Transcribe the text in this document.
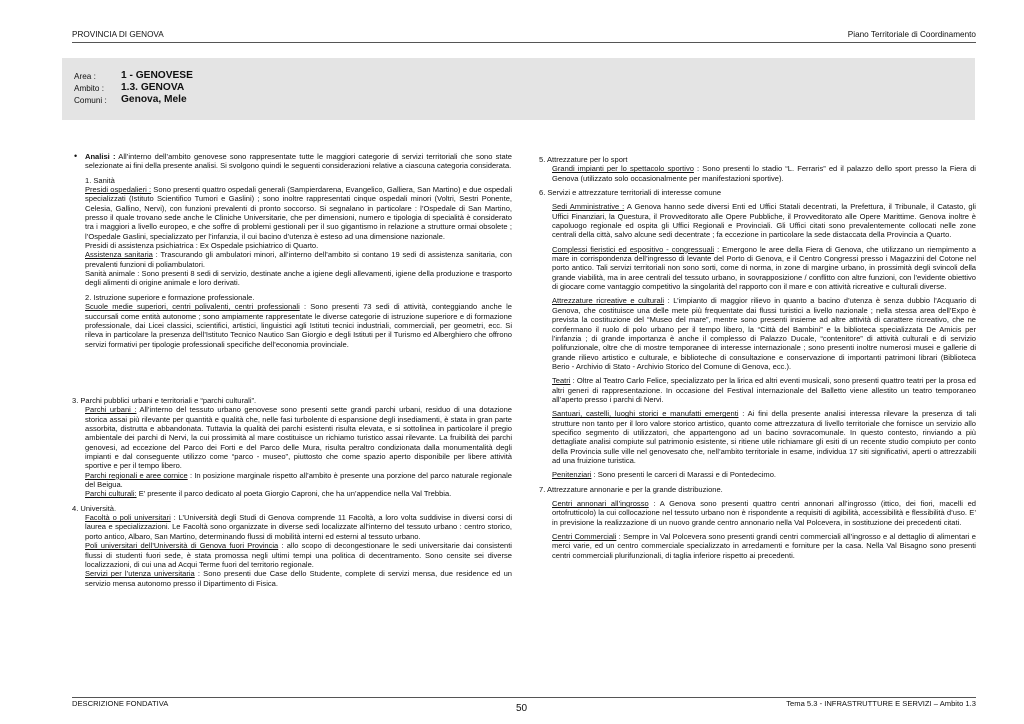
PROVINCIA DI GENOVA	Piano Territoriale di Coordinamento
Area : 1 - GENOVESE
Ambito : 1.3. GENOVA
Comuni : Genova, Mele
• Analisi : All’interno dell’ambito genovese sono rappresentate tutte le maggiori categorie di servizi territoriali che sono state selezionate ai fini della presente analisi. Si svolgono quindi le seguenti considerazioni relative a ciascuna categoria considerata.

1. Sanità

Presidi ospedalieri : Sono presenti quattro ospedali generali (Sampierdarena, Evangelico, Galliera, San Martino) e due ospedali specializzati (Istituto Scientifico Tumori e Gaslini) ; sono inoltre rappresentati cinque ospedali minori (Voltri, Sestri Ponente, Celesia, Gallino, Nervi), con funzioni prevalenti di pronto soccorso. Si segnalano in particolare : l’Ospedale di San Martino, presso il quale trovano sede anche le Cliniche Universitarie, che per dimensioni, numero e tipologia di specialità è considerato tra i maggiori a livello europeo, e che soffre di problemi gestionali per il suo gigantismo in relazione a strutture ormai obsolete ; l’Ospedale Gaslini, specializzato per l’infanzia, il cui bacino d’utenza è esteso ad una dimensione nazionale.

Presidi di assistenza psichiatrica : Ex Ospedale psichiatrico di Quarto.

Assistenza sanitaria : Trascurando gli ambulatori minori, all’interno dell’ambito si contano 19 sedi di assistenza sanitaria, con prevalenti funzioni di poliambulatori.

Sanità animale : Sono presenti 8 sedi di servizio, destinate anche a igiene degli allevamenti, igiene della produzione e trasporto degli alimenti di origine animale e loro derivati.

2. Istruzione superiore e formazione professionale.

Scuole medie superiori, centri polivalenti, centri professionali : Sono presenti 73 sedi di attività, conteggiando anche le succursali come entità autonome ; sono ampiamente rappresentate le diverse categorie di istruzione superiore e di formazione professionale, dai Licei classici, scientifici, artistici, linguistici agli Istituti tecnici industriali, commerciali, per geometri, ecc. Si rileva in particolare la presenza dell’Istituto Tecnico Nautico San Giorgio e degli Istituti per il Turismo ed Alberghiero che offrono servizi formativi per tipologie professionali specifiche dell’economia provinciale.

3. Parchi pubblici urbani e territoriali e “parchi culturali”.

Parchi urbani : All’interno del tessuto urbano genovese sono presenti sette grandi parchi urbani, residuo di una dotazione storica assai più rilevante per quantità e qualità che, nelle fasi turbolente di espansione degli insediamenti, è stata in gran parte assorbita, distrutta e abbandonata. Tuttavia la qualità dei parchi esistenti risulta elevata, e si sottolinea in particolare il pregio ambientale dei parchi di Nervi, la cui prossimità al mare costituisce un richiamo turistico assai rilevante. La fruibilità dei parchi genovesi, ad eccezione del Parco dei Forti e del Parco delle Mura, risulta peraltro condizionata dalla monumentalità degli impianti e dal conseguente utilizzo come “parco - museo”, piuttosto che come spazio aperto disponibile per libere attività sportive e per il tempo libero.

Parchi regionali e aree cornice : In posizione marginale rispetto all’ambito è presente una porzione del parco naturale regionale del Beigua.

Parchi culturali: E’ presente il parco dedicato al poeta Giorgio Caproni, che ha un’appendice nella Val Trebbia.

4. Università.

Facoltà o poli universitari : L’Università degli Studi di Genova comprende 11 Facoltà, a loro volta suddivise in diversi corsi di laurea e specializzazioni. Le Facoltà sono organizzate in diverse sedi localizzate all’interno del tessuto urbano : centro storico, porto antico, Albaro, San Martino, determinando flussi di mobilità interni ed esterni al tessuto urbano.

Poli universitari dell’Università di Genova fuori Provincia : allo scopo di decongestionare le sedi universitarie dai consistenti flussi di studenti fuori sede, è stata promossa negli ultimi tempi una politica di decentramento. Sono censite sei diverse localizzazioni, di cui una ad Acqui Terme fuori del territorio regionale.

Servizi per l’utenza universitaria : Sono presenti due Case dello Studente, complete di servizi mensa, due residence ed un servizio mensa autonomo presso il Dipartimento di Fisica.

5. Attrezzature per lo sport

Grandi impianti per lo spettacolo sportivo : Sono presenti lo stadio “L. Ferraris” ed il palazzo dello sport presso la Fiera di Genova (utilizzato solo occasionalmente per manifestazioni sportive).

6. Servizi e attrezzature territoriali di interesse comune

Sedi Amministrative : A Genova hanno sede diversi Enti ed Uffici Statali decentrati, la Prefettura, il Tribunale, il Catasto, gli Uffici Finanziari, la Questura, il Provveditorato alle Opere Pubbliche, il Provveditorato alle Opere Marittime. Genova inoltre è capoluogo regionale ed ospita gli Uffici Regionali e Provinciali. Gli Uffici citati sono prevalentemente collocati nelle zone centrali della città, salvo alcune sedi decentrate ; fa eccezione in particolare la sede distaccata della Provincia a Quarto.

Complessi fieristici ed espositivo - congressuali : Emergono le aree della Fiera di Genova, che utilizzano un riempimento a mare in corrispondenza dell’ingresso di levante del Porto di Genova, e il Centro Congressi presso i Magazzini del Cotone nel porto antico. Tali servizi territoriali non sono sorti, come di norma, in zone di margine urbano, in prossimità degli svincoli della grande viabilità, ma in aree centrali del tessuto urbano, in sovrapposizione / conflitto con altre funzioni, con l’evidente obiettivo di giocare come vantaggio competitivo la singolarità del rapporto con il mare e con attività ricreative e culturali diverse.

Attrezzature ricreative e culturali : L’impianto di maggior rilievo in quanto a bacino d’utenza è senza dubbio l’Acquario di Genova, che costituisce una delle mete più frequentate dai flussi turistici a livello nazionale ; nella stessa area dell’Expo è prevista la costituzione del “Museo del mare”, mentre sono presenti insieme ad altre attività di carattere ricreativo, che ne confermano il ruolo di polo urbano per il tempo libero, la “Città del Bambini” e la biblioteca specializzata De Amicis per l’infanzia ; di grande importanza è anche il complesso di Palazzo Ducale, “contenitore” di attività culturali e di servizio polifunzionale, oltre che di mostre temporanee di interesse internazionale ; sono presenti inoltre numerosi musei e gallerie di grande rilievo artistico e culturale, e biblioteche di consultazione e conservazione di importanti patrimoni librari (Biblioteca Berio - Archivio di Stato - Archivio Storico del Comune di Genova, ecc.).

Teatri : Oltre al Teatro Carlo Felice, specializzato per la lirica ed altri eventi musicali, sono presenti quattro teatri per la prosa ed altri generi di rappresentazione. In occasione del Festival internazionale del Balletto viene allestito un teatro temporaneo all’aperto presso i parchi di Nervi.

Santuari, castelli, luoghi storici e manufatti emergenti : Ai fini della presente analisi interessa rilevare la presenza di tali strutture non tanto per il loro valore storico artistico, quanto come attrezzatura di livello territoriale che fornisce un servizio allo specifico segmento di utilizzatori, che appartengono ad un bacino sovracomunale. In questo contesto, rinviando a più dettagliate analisi compiute sul patrimonio esistente, si ritiene utile richiamare gli esiti di un recente studio compiuto per conto della Provincia sulle ville nel genovesato che, nell’ambito territoriale in esame, individua 17 siti significativi, aperti o attrezzabili ad una fruizione turistica.

Penitenziari : Sono presenti le carceri di Marassi e di Pontedecimo.

7. Attrezzature annonarie e per la grande distribuzione.

Centri annonari all’ingrosso : A Genova sono presenti quattro centri annonari all’ingrosso (ittico, dei fiori, macelli ed ortofrutticolo) la cui collocazione nel tessuto urbano non è rispondente a requisiti di agibilità, accessibilità e flessibilità d’uso. E’ in previsione la realizzazione di un nuovo grande centro annonario nella Val Polcevera, in sostituzione dei precedenti citati.

Centri Commerciali : Sempre in Val Polcevera sono presenti grandi centri commerciali all’ingrosso e al dettaglio di alimentari e merci varie, ed un centro commerciale specializzato in arredamenti e forniture per la casa. Nella Val Bisagno sono presenti centri commerciali plurifunzionali, di taglia inferiore rispetto ai precedenti.

DESCRIZIONE FONDATIVA	Tema 5.3 - INFRASTRUTTURE E SERVIZI – Ambito 1.3
50
